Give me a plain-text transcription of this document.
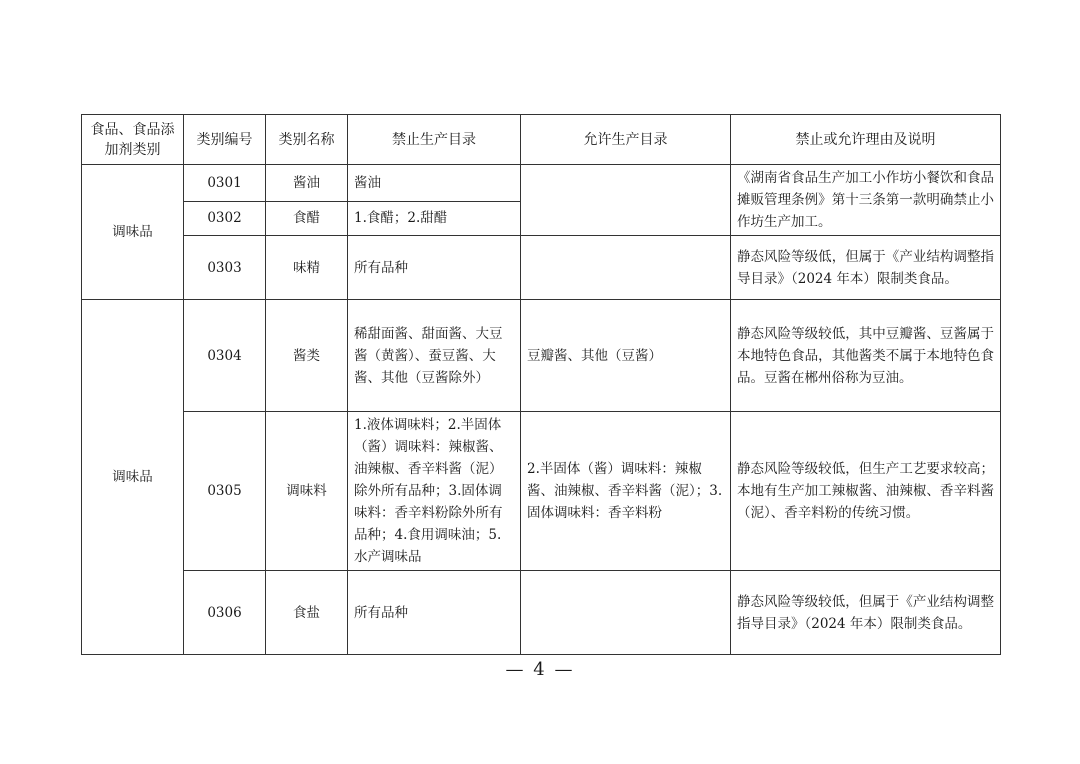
食品、食品添加剂类别	类别编号	类别名称	禁止生产目录	允许生产目录	禁止或允许理由及说明
调味品	0301	酱油	酱油		《湖南省食品生产加工小作坊小餐饮和食品摊贩管理条例》第十三条第一款明确禁止小作坊生产加工。
	0302	食醋	1.食醋；2.甜醋		
	0303	味精	所有品种		静态风险等级低，但属于《产业结构调整指导目录》（2024 年本）限制类食品。
调味品	0304	酱类	稀甜面酱、甜面酱、大豆酱（黄酱）、蚕豆酱、大酱、其他（豆酱除外）	豆瓣酱、其他（豆酱）	静态风险等级较低，其中豆瓣酱、豆酱属于本地特色食品，其他酱类不属于本地特色食品。豆酱在郴州俗称为豆油。
	0305	调味料	1.液体调味料；2.半固体（酱）调味料：辣椒酱、油辣椒、香辛料酱（泥）除外所有品种；3.固体调味料：香辛料粉除外所有品种；4.食用调味油；5.水产调味品	2.半固体（酱）调味料：辣椒酱、油辣椒、香辛料酱（泥）；3.固体调味料：香辛料粉	静态风险等级较低，但生产工艺要求较高；本地有生产加工辣椒酱、油辣椒、香辛料酱（泥）、香辛料粉的传统习惯。
	0306	食盐	所有品种		静态风险等级较低，但属于《产业结构调整指导目录》（2024 年本）限制类食品。
— 4 —
